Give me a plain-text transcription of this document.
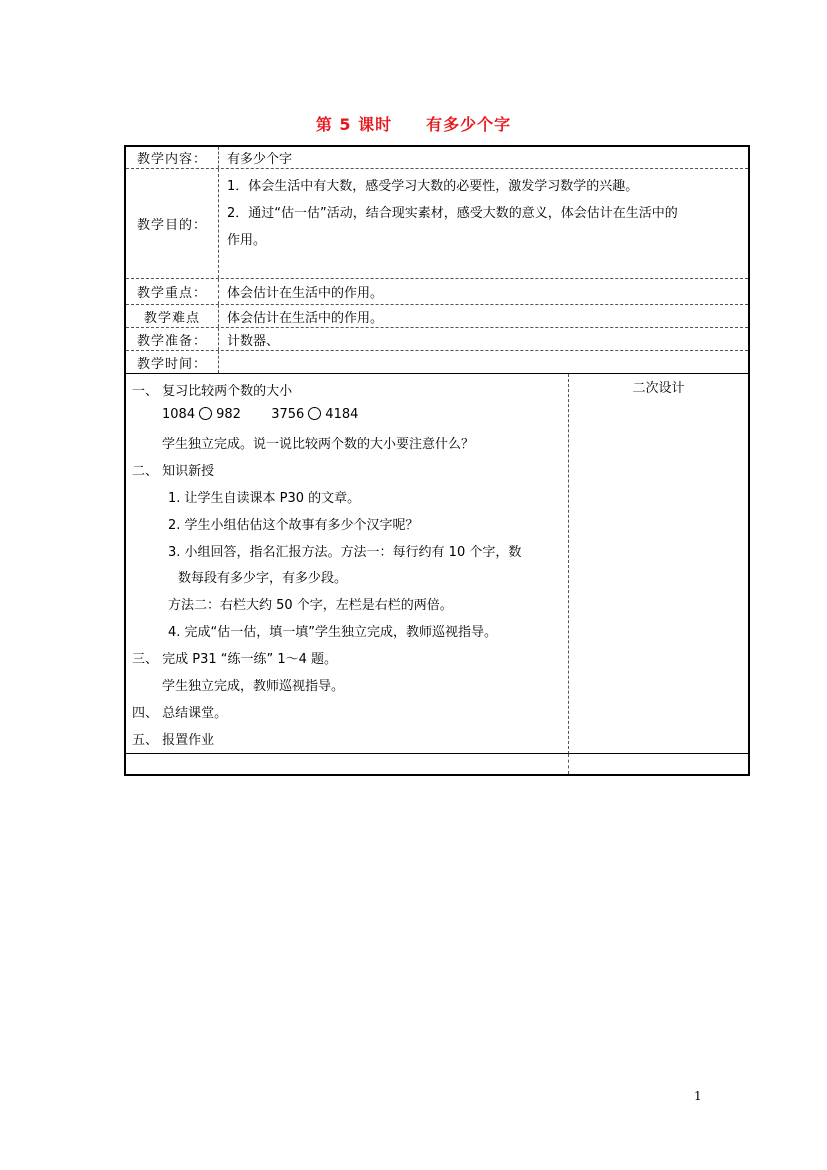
第 5 课时 有多少个字
教学内容：	有多少个字
教学目的：
1．体会生活中有大数，感受学习大数的必要性，激发学习数学的兴趣。
2．通过“估一估”活动，结合现实素材，感受大数的意义，体会估计在生活中的
作用。
教学重点：	体会估计在生活中的作用。
教学难点	体会估计在生活中的作用。
教学准备：	计数器、
教学时间：
一、 复习比较两个数的大小
1084 982 3756 4184
学生独立完成。说一说比较两个数的大小要注意什么？
二、 知识新授
1. 让学生自读课本 P30 的文章。
2. 学生小组估估这个故事有多少个汉字呢？
3. 小组回答，指名汇报方法。方法一：每行约有 10 个字，数
数每段有多少字，有多少段。
方法二：右栏大约 50 个字，左栏是右栏的两倍。
4. 完成“估一估，填一填”学生独立完成，教师巡视指导。
三、 完成 P31 “练一练” 1～4 题。
学生独立完成，教师巡视指导。
四、 总结课堂。
五、 报置作业
二次设计
1
